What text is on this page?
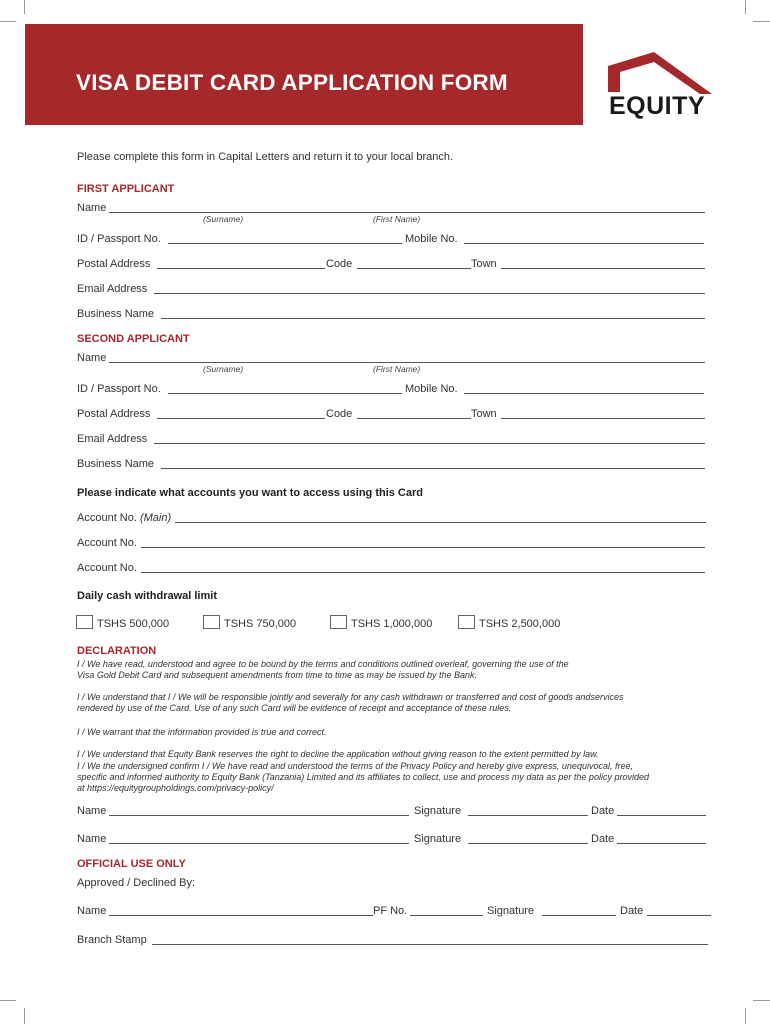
VISA DEBIT CARD APPLICATION FORM
EQUITY
Please complete this form in Capital Letters and return it to your local branch.
FIRST APPLICANT
Name
(Surname)	(First Name)
ID / Passport No.	Mobile No.
Postal Address	Code	Town
Email Address
Business Name
SECOND APPLICANT
Name
(Surname)	(First Name)
ID / Passport No.	Mobile No.
Postal Address	Code	Town
Email Address
Business Name
Please indicate what accounts you want to access using this Card
Account No. (Main)
Account No.
Account No.
Daily cash withdrawal limit
TSHS 500,000	TSHS 750,000	TSHS 1,000,000	TSHS 2,500,000
DECLARATION
I / We have read, understood and agree to be bound by the terms and conditions outlined overleaf, governing the use of the
Visa Gold Debit Card and subsequent amendments from time to time as may be issued by the Bank.
I / We understand that I / We will be responsible jointly and severally for any cash withdrawn or transferred and cost of goods andservices
rendered by use of the Card. Use of any such Card will be evidence of receipt and acceptance of these rules.
I / We warrant that the information provided is true and correct.
I / We understand that Equity Bank reserves the right to decline the application without giving reason to the extent permitted by law.
I / We the undersigned confirm I / We have read and understood the terms of the Privacy Policy and hereby give express, unequivocal, free,
specific and informed authority to Equity Bank (Tanzania) Limited and its affiliates to collect, use and process my data as per the policy provided
at https://equitygroupholdings.com/privacy-policy/
Name	Signature	Date
Name	Signature	Date
OFFICIAL USE ONLY
Approved / Declined By:
Name	PF No.	Signature	Date
Branch Stamp
